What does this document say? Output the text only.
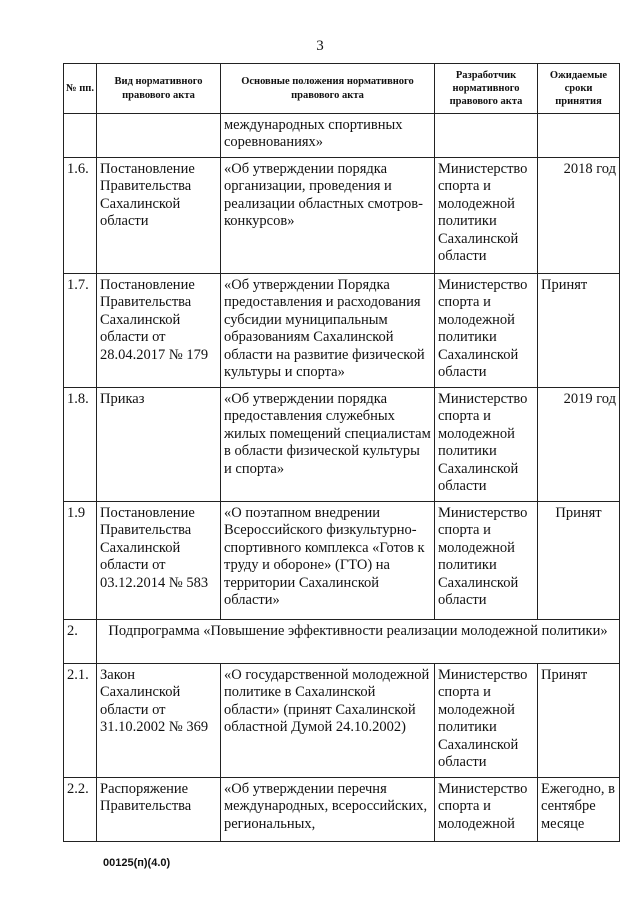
3
№ пп.	Вид нормативного правового акта	Основные положения нормативного правового акта	Разработчик нормативного правового акта	Ожидаемые сроки принятия
		международных спортивных соревнованиях»		
1.6.	Постановление Правительства Сахалинской области	«Об утверждении порядка организации, проведения и реализации областных смотров-конкурсов»	Министерство спорта и молодежной политики Сахалинской области	2018 год
1.7.	Постановление Правительства Сахалинской области от 28.04.2017 № 179	«Об утверждении Порядка предоставления и расходования субсидии муниципальным образованиям Сахалинской области на развитие физической культуры и спорта»	Министерство спорта и молодежной политики Сахалинской области	Принят
1.8.	Приказ	«Об утверждении порядка предоставления служебных жилых помещений специалистам в области физической культуры и спорта»	Министерство спорта и молодежной политики Сахалинской области	2019 год
1.9	Постановление Правительства Сахалинской области от 03.12.2014 № 583	«О поэтапном внедрении Всероссийского физкультурно-спортивного комплекса «Готов к труду и обороне» (ГТО) на территории Сахалинской области»	Министерство спорта и молодежной политики Сахалинской области	Принят
2.	Подпрограмма «Повышение эффективности реализации молодежной политики»			
2.1.	Закон Сахалинской области от 31.10.2002 № 369	«О государственной молодежной политике в Сахалинской области» (принят Сахалинской областной Думой 24.10.2002)	Министерство спорта и молодежной политики Сахалинской области	Принят
2.2.	Распоряжение Правительства	«Об утверждении перечня международных, всероссийских, региональных,	Министерство спорта и молодежной	Ежегодно, в сентябре месяце
00125(п)(4.0)
